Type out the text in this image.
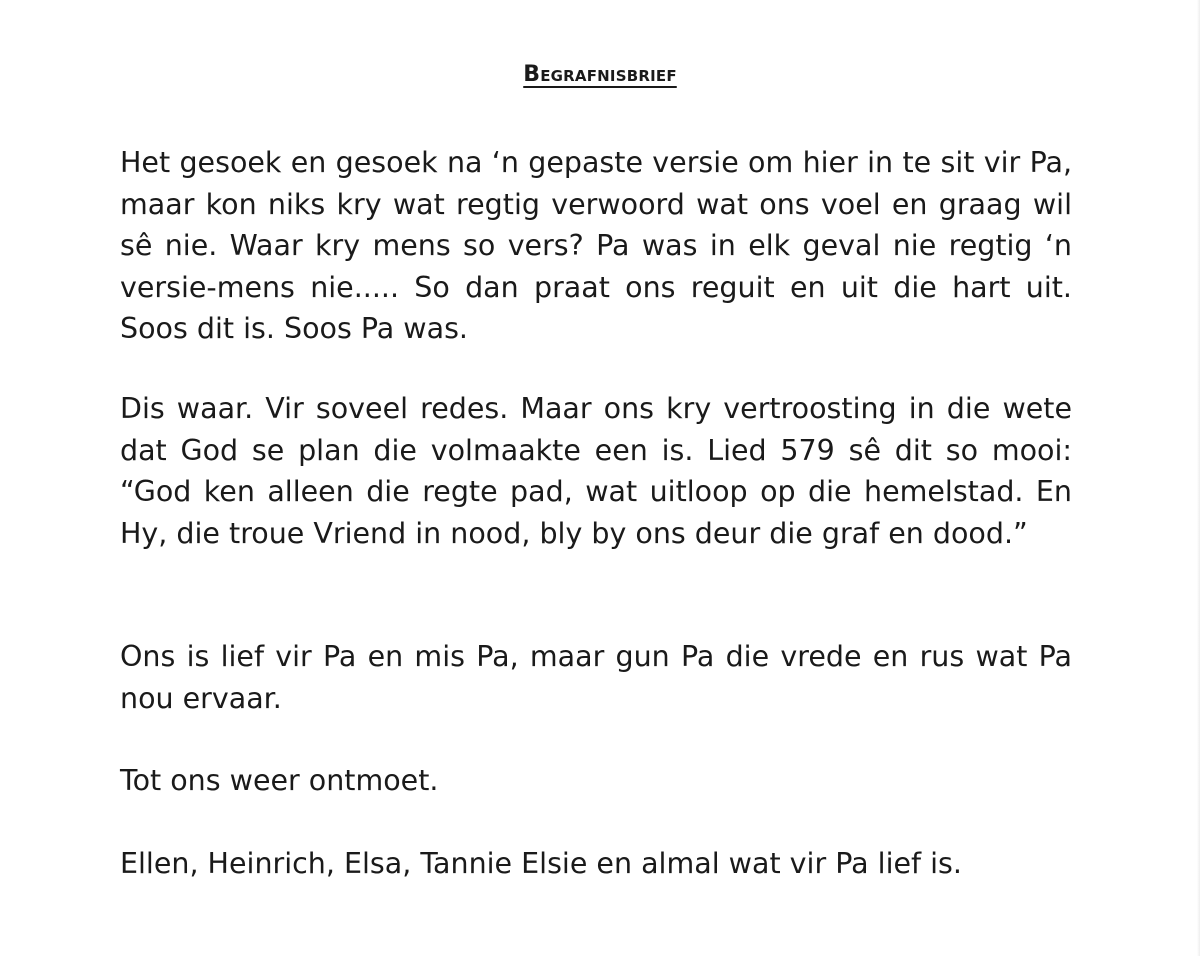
Begrafnisbrief

Het gesoek en gesoek na ‘n gepaste versie om hier in te sit vir Pa, maar kon niks kry wat regtig verwoord wat ons voel en graag wil sê nie. Waar kry mens so vers? Pa was in elk geval nie regtig ‘n versie-mens nie..... So dan praat ons reguit en uit die hart uit. Soos dit is. Soos Pa was.

Dis waar. Vir soveel redes. Maar ons kry vertroosting in die wete dat God se plan die volmaakte een is. Lied 579 sê dit so mooi: “God ken alleen die regte pad, wat uitloop op die hemelstad. En Hy, die troue Vriend in nood, bly by ons deur die graf en dood.”

Ons is lief vir Pa en mis Pa, maar gun Pa die vrede en rus wat Pa nou ervaar.

Tot ons weer ontmoet.

Ellen, Heinrich, Elsa, Tannie Elsie en almal wat vir Pa lief is.
